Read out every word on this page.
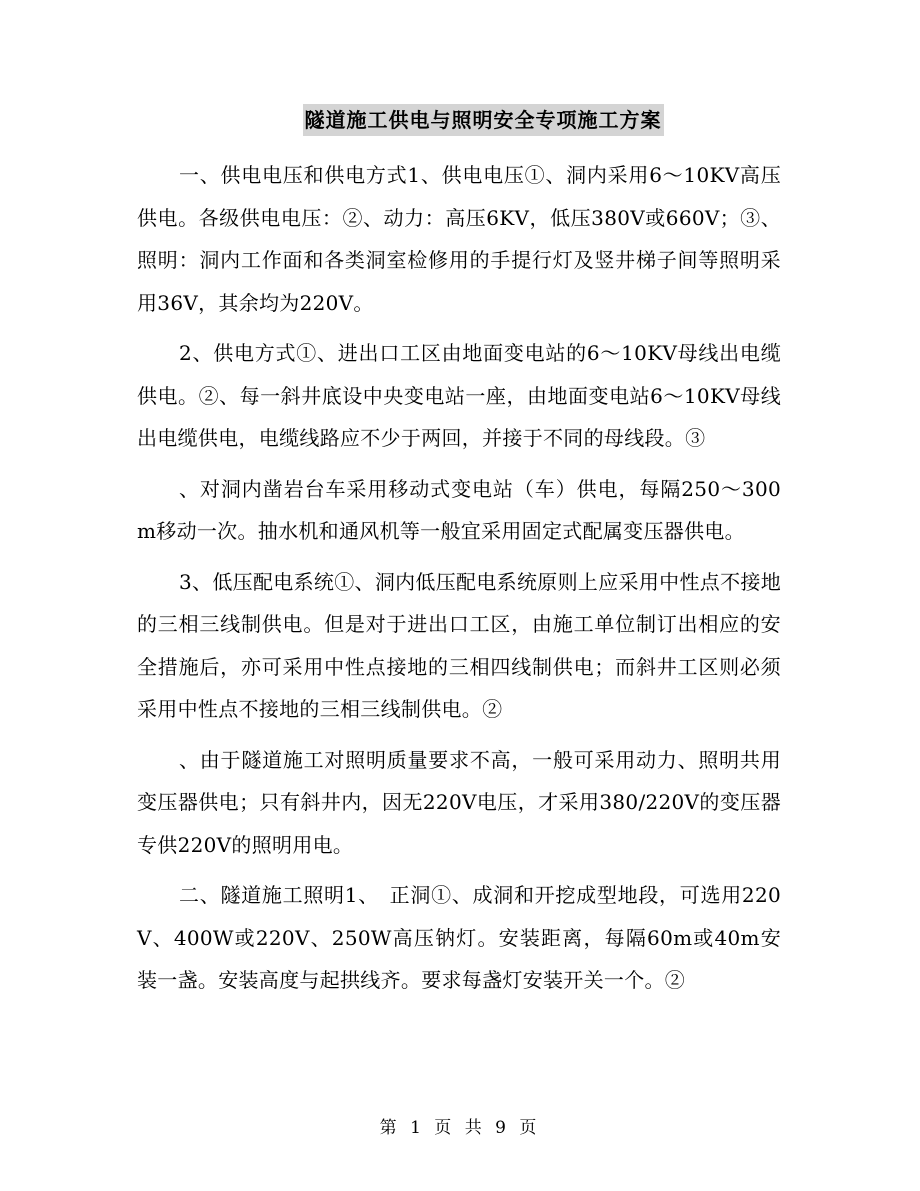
隧道施工供电与照明安全专项施工方案

一、供电电压和供电方式1、供电电压①、洞内采用6～10KV高压供电。各级供电电压：②、动力：高压6KV，低压380V或660V；③、照明：洞内工作面和各类洞室检修用的手提行灯及竖井梯子间等照明采用36V，其余均为220V。

2、供电方式①、进出口工区由地面变电站的6～10KV母线出电缆供电。②、每一斜井底设中央变电站一座，由地面变电站6～10KV母线出电缆供电，电缆线路应不少于两回，并接于不同的母线段。③

、对洞内凿岩台车采用移动式变电站（车）供电，每隔250～300m移动一次。抽水机和通风机等一般宜采用固定式配属变压器供电。

3、低压配电系统①、洞内低压配电系统原则上应采用中性点不接地的三相三线制供电。但是对于进出口工区，由施工单位制订出相应的安全措施后，亦可采用中性点接地的三相四线制供电；而斜井工区则必须采用中性点不接地的三相三线制供电。②

、由于隧道施工对照明质量要求不高，一般可采用动力、照明共用变压器供电；只有斜井内，因无220V电压，才采用380/220V的变压器专供220V的照明用电。

二、隧道施工照明1、　正洞①、成洞和开挖成型地段，可选用220V、400W或220V、250W高压钠灯。安装距离，每隔60m或40m安装一盏。安装高度与起拱线齐。要求每盏灯安装开关一个。②

第 1 页 共 9 页
